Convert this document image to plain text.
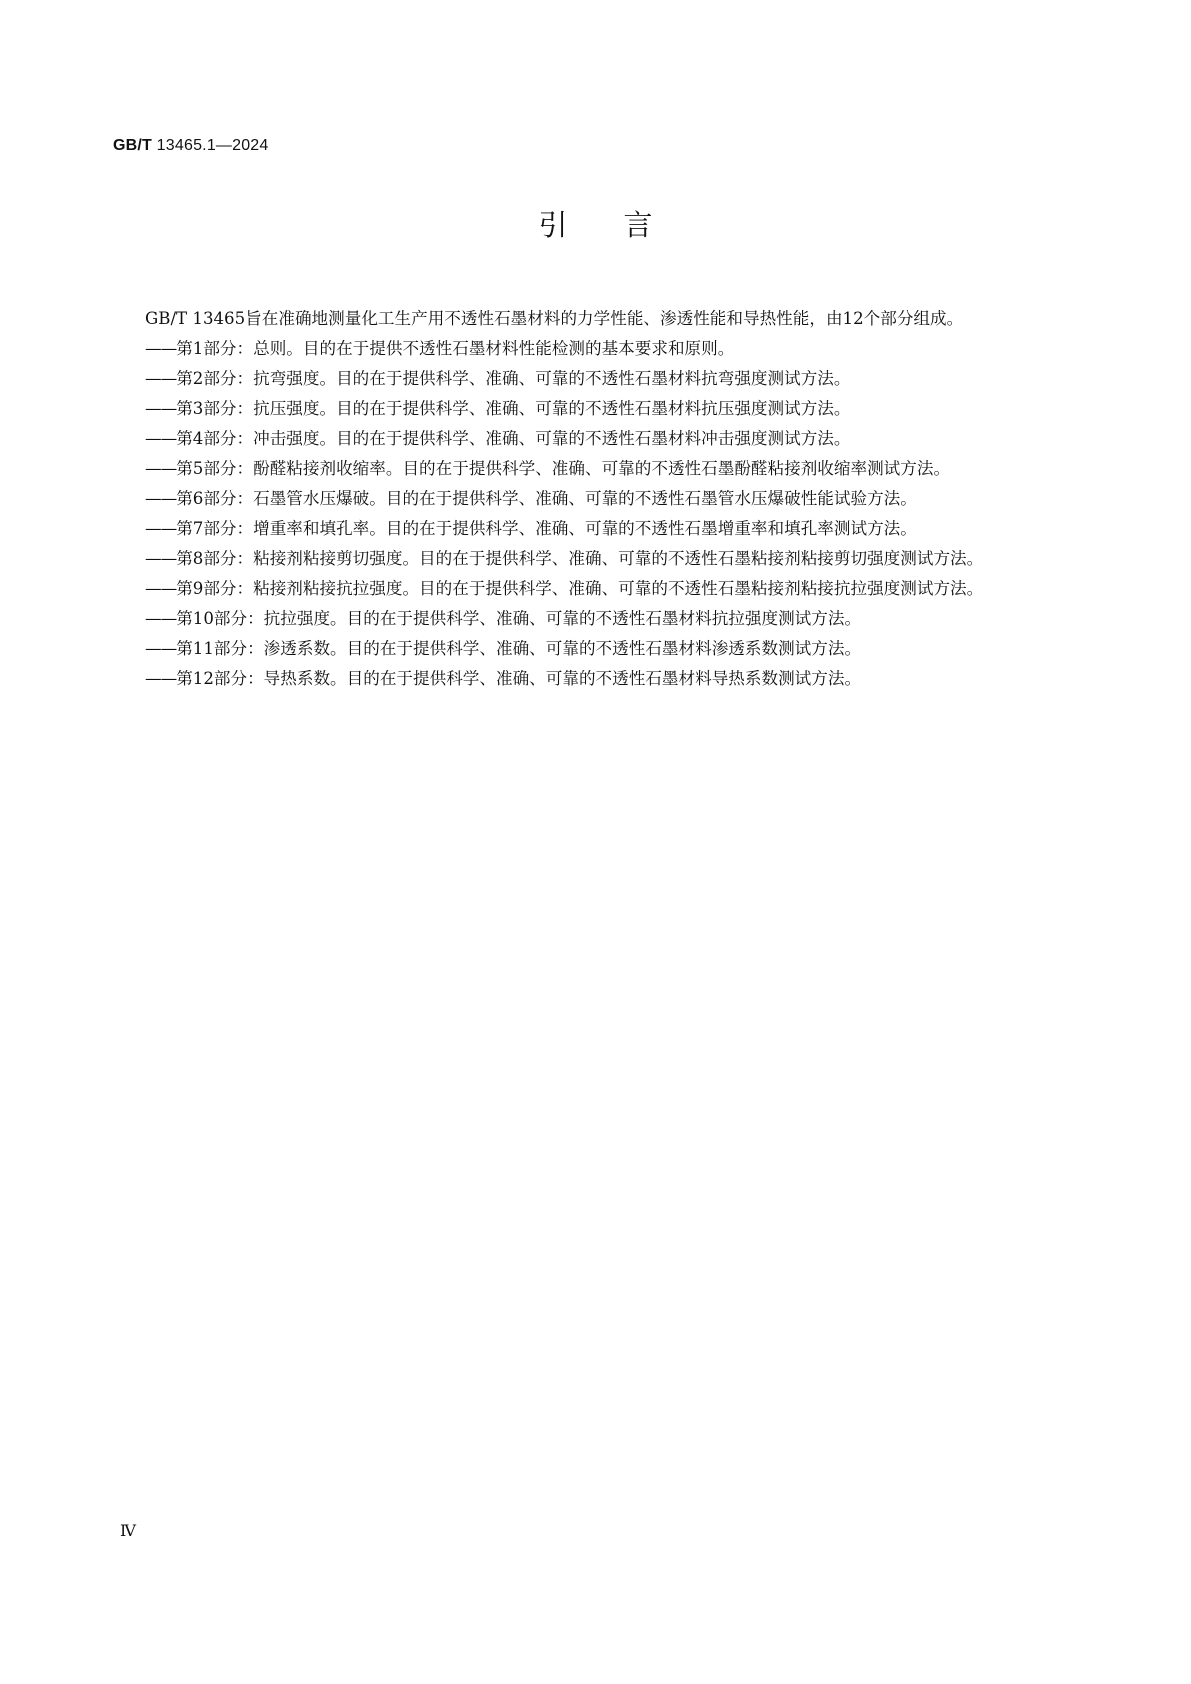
GB/T 13465.1—2024
引言

GB/T 13465旨在准确地测量化工生产用不透性石墨材料的力学性能、渗透性能和导热性能，由12个部分组成。

——第1部分：总则。目的在于提供不透性石墨材料性能检测的基本要求和原则。
——第2部分：抗弯强度。目的在于提供科学、准确、可靠的不透性石墨材料抗弯强度测试方法。
——第3部分：抗压强度。目的在于提供科学、准确、可靠的不透性石墨材料抗压强度测试方法。
——第4部分：冲击强度。目的在于提供科学、准确、可靠的不透性石墨材料冲击强度测试方法。
——第5部分：酚醛粘接剂收缩率。目的在于提供科学、准确、可靠的不透性石墨酚醛粘接剂收缩率测试方法。
——第6部分：石墨管水压爆破。目的在于提供科学、准确、可靠的不透性石墨管水压爆破性能试验方法。
——第7部分：增重率和填孔率。目的在于提供科学、准确、可靠的不透性石墨增重率和填孔率测试方法。
——第8部分：粘接剂粘接剪切强度。目的在于提供科学、准确、可靠的不透性石墨粘接剂粘接剪切强度测试方法。
——第9部分：粘接剂粘接抗拉强度。目的在于提供科学、准确、可靠的不透性石墨粘接剂粘接抗拉强度测试方法。
——第10部分：抗拉强度。目的在于提供科学、准确、可靠的不透性石墨材料抗拉强度测试方法。
——第11部分：渗透系数。目的在于提供科学、准确、可靠的不透性石墨材料渗透系数测试方法。
——第12部分：导热系数。目的在于提供科学、准确、可靠的不透性石墨材料导热系数测试方法。
Ⅳ
